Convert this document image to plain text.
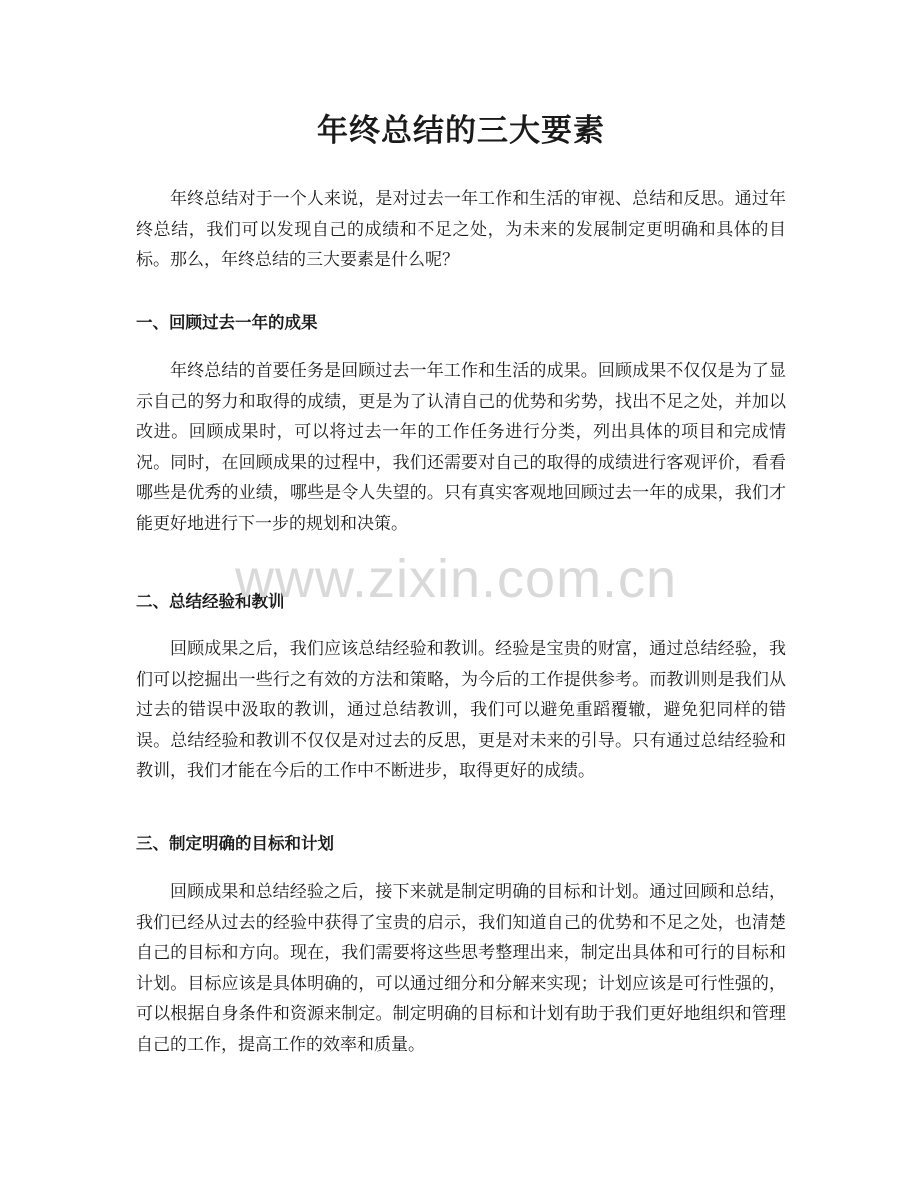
年终总结的三大要素

年终总结对于一个人来说，是对过去一年工作和生活的审视、总结和反思。通过年终总结，我们可以发现自己的成绩和不足之处，为未来的发展制定更明确和具体的目标。那么，年终总结的三大要素是什么呢？

一、回顾过去一年的成果

年终总结的首要任务是回顾过去一年工作和生活的成果。回顾成果不仅仅是为了显示自己的努力和取得的成绩，更是为了认清自己的优势和劣势，找出不足之处，并加以改进。回顾成果时，可以将过去一年的工作任务进行分类，列出具体的项目和完成情况。同时，在回顾成果的过程中，我们还需要对自己的取得的成绩进行客观评价，看看哪些是优秀的业绩，哪些是令人失望的。只有真实客观地回顾过去一年的成果，我们才能更好地进行下一步的规划和决策。

二、总结经验和教训

回顾成果之后，我们应该总结经验和教训。经验是宝贵的财富，通过总结经验，我们可以挖掘出一些行之有效的方法和策略，为今后的工作提供参考。而教训则是我们从过去的错误中汲取的教训，通过总结教训，我们可以避免重蹈覆辙，避免犯同样的错误。总结经验和教训不仅仅是对过去的反思，更是对未来的引导。只有通过总结经验和教训，我们才能在今后的工作中不断进步，取得更好的成绩。

三、制定明确的目标和计划

回顾成果和总结经验之后，接下来就是制定明确的目标和计划。通过回顾和总结，我们已经从过去的经验中获得了宝贵的启示，我们知道自己的优势和不足之处，也清楚自己的目标和方向。现在，我们需要将这些思考整理出来，制定出具体和可行的目标和计划。目标应该是具体明确的，可以通过细分和分解来实现；计划应该是可行性强的，可以根据自身条件和资源来制定。制定明确的目标和计划有助于我们更好地组织和管理自己的工作，提高工作的效率和质量。

www.zixin.com.cn
